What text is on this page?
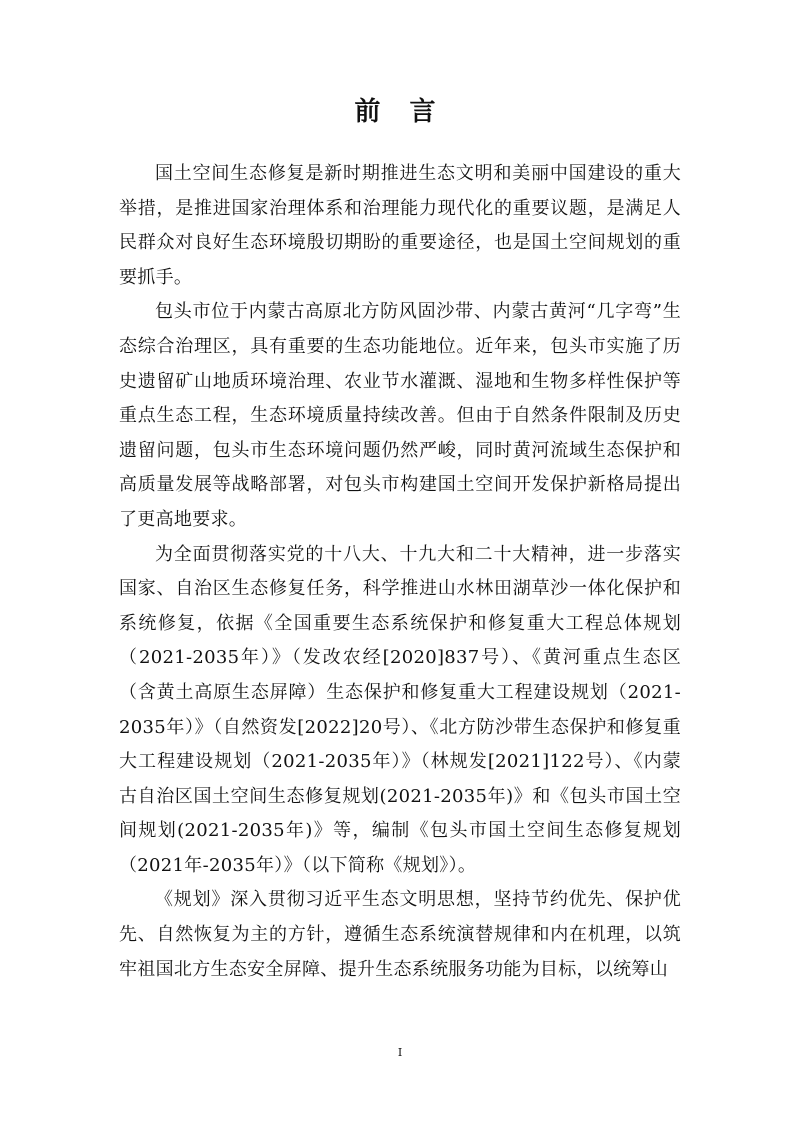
前 言

国土空间生态修复是新时期推进生态文明和美丽中国建设的重大举措，是推进国家治理体系和治理能力现代化的重要议题，是满足人民群众对良好生态环境殷切期盼的重要途径，也是国土空间规划的重要抓手。

包头市位于内蒙古高原北方防风固沙带、内蒙古黄河“几字弯”生态综合治理区，具有重要的生态功能地位。近年来，包头市实施了历史遗留矿山地质环境治理、农业节水灌溉、湿地和生物多样性保护等重点生态工程，生态环境质量持续改善。但由于自然条件限制及历史遗留问题，包头市生态环境问题仍然严峻，同时黄河流域生态保护和高质量发展等战略部署，对包头市构建国土空间开发保护新格局提出了更高地要求。

为全面贯彻落实党的十八大、十九大和二十大精神，进一步落实国家、自治区生态修复任务，科学推进山水林田湖草沙一体化保护和系统修复，依据《全国重要生态系统保护和修复重大工程总体规划（2021-2035年）》（发改农经[2020]837号）、《黄河重点生态区（含黄土高原生态屏障）生态保护和修复重大工程建设规划（2021-2035年）》（自然资发[2022]20号）、《北方防沙带生态保护和修复重大工程建设规划（2021-2035年）》（林规发[2021]122号）、《内蒙古自治区国土空间生态修复规划(2021-2035年)》和《包头市国土空间规划(2021-2035年)》等，编制《包头市国土空间生态修复规划（2021年-2035年）》（以下简称《规划》）。

《规划》深入贯彻习近平生态文明思想，坚持节约优先、保护优先、自然恢复为主的方针，遵循生态系统演替规律和内在机理，以筑牢祖国北方生态安全屏障、提升生态系统服务功能为目标，以统筹山

I
